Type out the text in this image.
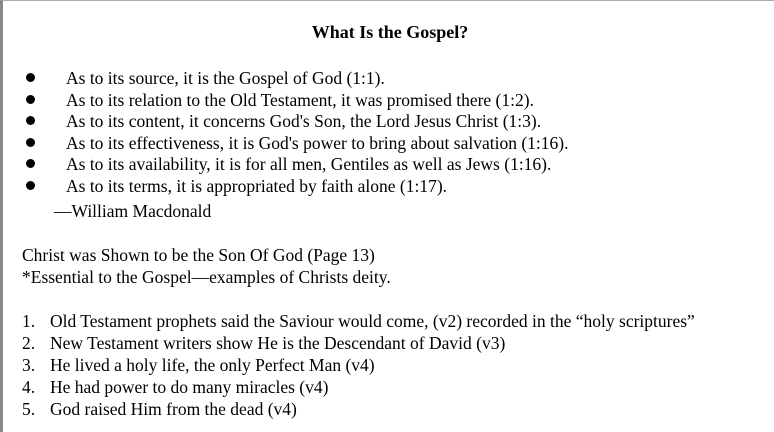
What Is the Gospel?
As to its source, it is the Gospel of God (1:1).
As to its relation to the Old Testament, it was promised there (1:2).
As to its content, it concerns God's Son, the Lord Jesus Christ (1:3).
As to its effectiveness, it is God's power to bring about salvation (1:16).
As to its availability, it is for all men, Gentiles as well as Jews (1:16).
As to its terms, it is appropriated by faith alone (1:17).
—William Macdonald
Christ was Shown to be the Son Of God (Page 13)
*Essential to the Gospel—examples of Christs deity.
1. Old Testament prophets said the Saviour would come, (v2) recorded in the “holy scriptures”
2. New Testament writers show He is the Descendant of David (v3)
3. He lived a holy life, the only Perfect Man (v4)
4. He had power to do many miracles (v4)
5. God raised Him from the dead (v4)
